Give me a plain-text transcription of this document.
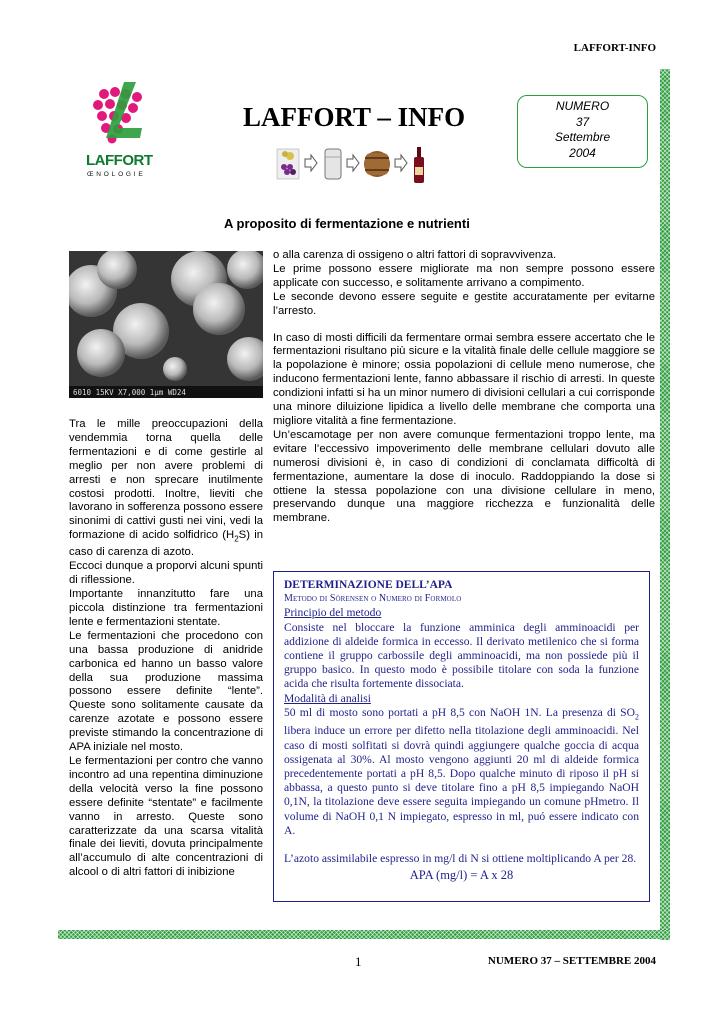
LAFFORT-INFO
LAFFORT
ŒNOLOGIE
LAFFORT – INFO	NUMERO
37
Settembre
2004
A proposito di fermentazione e nutrienti
6010 15KV X7,000 1μm WD24

Tra le mille preoccupazioni della vendemmia torna quella delle fermentazioni e di come gestirle al meglio per non avere problemi di arresti e non sprecare inutilmente costosi prodotti. Inoltre, lieviti che lavorano in sofferenza possono essere sinonimi di cattivi gusti nei vini, vedi la formazione di acido solfidrico $(H_2S)$ in caso di carenza di azoto.

Eccoci dunque a proporvi alcuni spunti di riflessione.

Importante innanzitutto fare una piccola distinzione tra fermentazioni lente e fermentazioni stentate.

Le fermentazioni che procedono con una bassa produzione di anidride carbonica ed hanno un basso valore della sua produzione massima possono essere definite “lente”. Queste sono solitamente causate da carenze azotate e possono essere previste stimando la concentrazione di APA iniziale nel mosto.

Le fermentazioni per contro che vanno incontro ad una repentina diminuzione della velocità verso la fine possono essere definite “stentate” e facilmente vanno in arresto. Queste sono caratterizzate da una scarsa vitalità finale dei lieviti, dovuta principalmente all’accumulo di alte concentrazioni di alcool o di altri fattori di inibizione

o alla carenza di ossigeno o altri fattori di sopravvivenza.

Le prime possono essere migliorate ma non sempre possono essere applicate con successo, e solitamente arrivano a compimento.

Le seconde devono essere seguite e gestite accuratamente per evitarne l’arresto.

In caso di mosti difficili da fermentare ormai sembra essere accertato che le fermentazioni risultano più sicure e la vitalità finale delle cellule maggiore se la popolazione è minore; ossia popolazioni di cellule meno numerose, che inducono fermentazioni lente, fanno abbassare il rischio di arresti. In queste condizioni infatti si ha un minor numero di divisioni cellulari a cui corrisponde una minore diluizione lipidica a livello delle membrane che comporta una migliore vitalità a fine fermentazione.

Un’escamotage per non avere comunque fermentazioni troppo lente, ma evitare l’eccessivo impoverimento delle membrane cellulari dovuto alle numerosi divisioni è, in caso di condizioni di conclamata difficoltà di fermentazione, aumentare la dose di inoculo. Raddoppiando la dose si ottiene la stessa popolazione con una divisione cellulare in meno, preservando dunque una maggiore ricchezza e funzionalità delle membrane.

DETERMINAZIONE DELL’APA

Metodo di Sörensen o Numero di Formolo

Principio del metodo

Consiste nel bloccare la funzione amminica degli amminoacidi per addizione di aldeide formica in eccesso. Il derivato metilenico che si forma contiene il gruppo carbossile degli amminoacidi, ma non possiede più il gruppo basico. In questo modo è possibile titolare con soda la funzione acida che risulta fortemente dissociata.

Modalità di analisi

50 ml di mosto sono portati a pH 8,5 con NaOH 1N. La presenza di $SO_2$ libera induce un errore per difetto nella titolazione degli amminoacidi. Nel caso di mosti solfitati si dovrà quindi aggiungere qualche goccia di acqua ossigenata al 30%. Al mosto vengono aggiunti 20 ml di aldeide formica precedentemente portati a pH 8,5. Dopo qualche minuto di riposo il pH si abbassa, a questo punto si deve titolare fino a pH 8,5 impiegando NaOH 0,1N, la titolazione deve essere seguita impiegando un comune pHmetro. Il volume di NaOH 0,1 N impiegato, espresso in ml, puó essere indicato con A.

L’azoto assimilabile espresso in mg/l di N si ottiene moltiplicando A per 28.

APA (mg/l) = A x 28

1	NUMERO 37 – SETTEMBRE 2004
